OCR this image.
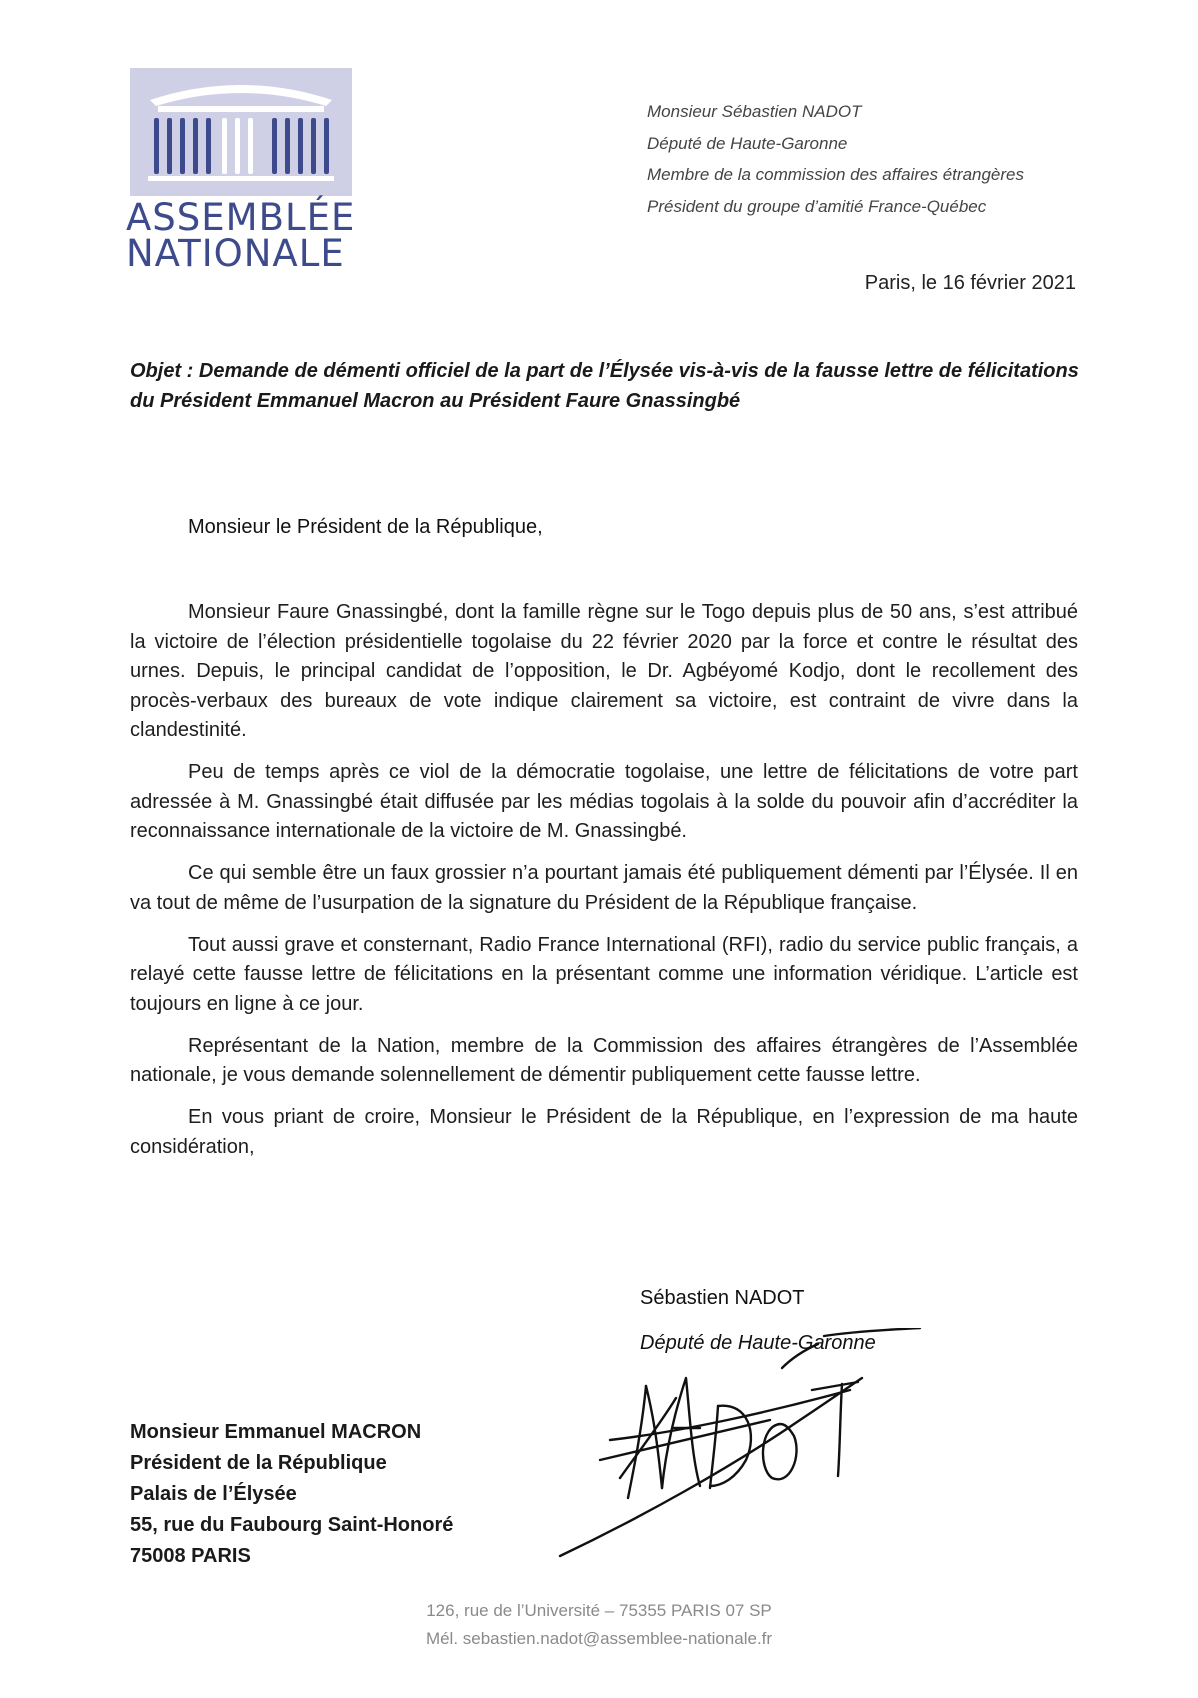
ASSEMBLÉE
NATIONALE
Monsieur Sébastien NADOT
Député de Haute-Garonne
Membre de la commission des affaires étrangères
Président du groupe d’amitié France-Québec
Paris, le 16 février 2021
Objet : Demande de démenti officiel de la part de l’Élysée vis-à-vis de la fausse lettre de félicitations du Président Emmanuel Macron au Président Faure Gnassingbé
Monsieur le Président de la République,

Monsieur Faure Gnassingbé, dont la famille règne sur le Togo depuis plus de 50 ans, s’est attribué la victoire de l’élection présidentielle togolaise du 22 février 2020 par la force et contre le résultat des urnes. Depuis, le principal candidat de l’opposition, le Dr. Agbéyomé Kodjo, dont le recollement des procès-verbaux des bureaux de vote indique clairement sa victoire, est contraint de vivre dans la clandestinité.

Peu de temps après ce viol de la démocratie togolaise, une lettre de félicitations de votre part adressée à M. Gnassingbé était diffusée par les médias togolais à la solde du pouvoir afin d’accréditer la reconnaissance internationale de la victoire de M. Gnassingbé.

Ce qui semble être un faux grossier n’a pourtant jamais été publiquement démenti par l’Élysée. Il en va tout de même de l’usurpation de la signature du Président de la République française.

Tout aussi grave et consternant, Radio France International (RFI), radio du service public français, a relayé cette fausse lettre de félicitations en la présentant comme une information véridique. L’article est toujours en ligne à ce jour.

Représentant de la Nation, membre de la Commission des affaires étrangères de l’Assemblée nationale, je vous demande solennellement de démentir publiquement cette fausse lettre.

En vous priant de croire, Monsieur le Président de la République, en l’expression de ma haute considération,

Sébastien NADOT
Député de Haute-Garonne
Monsieur Emmanuel MACRON
Président de la République
Palais de l’Élysée
55, rue du Faubourg Saint-Honoré
75008 PARIS
126, rue de l’Université – 75355 PARIS 07 SP
Mél. sebastien.nadot@assemblee-nationale.fr
